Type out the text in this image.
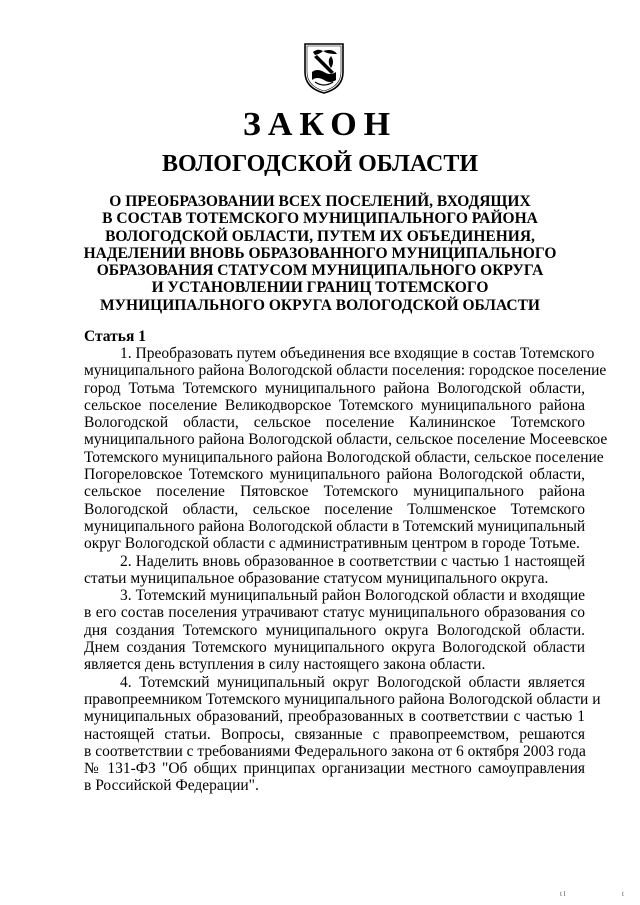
ЗАКОН
ВОЛОГОДСКОЙ ОБЛАСТИ
О ПРЕОБРАЗОВАНИИ ВСЕХ ПОСЕЛЕНИЙ, ВХОДЯЩИХ
В СОСТАВ ТОТЕМСКОГО МУНИЦИПАЛЬНОГО РАЙОНА
ВОЛОГОДСКОЙ ОБЛАСТИ, ПУТЕМ ИХ ОБЪЕДИНЕНИЯ,
НАДЕЛЕНИИ ВНОВЬ ОБРАЗОВАННОГО МУНИЦИПАЛЬНОГО
ОБРАЗОВАНИЯ СТАТУСОМ МУНИЦИПАЛЬНОГО ОКРУГА
И УСТАНОВЛЕНИИ ГРАНИЦ ТОТЕМСКОГО
МУНИЦИПАЛЬНОГО ОКРУГА ВОЛОГОДСКОЙ ОБЛАСТИ
Статья 1
1. Преобразовать путем объединения все входящие в состав Тотемского
муниципального района Вологодской области поселения: городское поселение
город Тотьма Тотемского муниципального района Вологодской области,
сельское поселение Великодворское Тотемского муниципального района
Вологодской области, сельское поселение Калининское Тотемского
муниципального района Вологодской области, сельское поселение Мосеевское
Тотемского муниципального района Вологодской области, сельское поселение
Погореловское Тотемского муниципального района Вологодской области,
сельское поселение Пятовское Тотемского муниципального района
Вологодской области, сельское поселение Толшменское Тотемского
муниципального района Вологодской области в Тотемский муниципальный
округ Вологодской области с административным центром в городе Тотьме.
2. Наделить вновь образованное в соответствии с частью 1 настоящей
статьи муниципальное образование статусом муниципального округа.
3. Тотемский муниципальный район Вологодской области и входящие
в его состав поселения утрачивают статус муниципального образования со
дня создания Тотемского муниципального округа Вологодской области.
Днем создания Тотемского муниципального округа Вологодской области
является день вступления в силу настоящего закона области.
4. Тотемский муниципальный округ Вологодской области является
правопреемником Тотемского муниципального района Вологодской области и
муниципальных образований, преобразованных в соответствии с частью 1
настоящей статьи. Вопросы, связанные с правопреемством, решаются
в соответствии с требованиями Федерального закона от 6 октября 2003 года
№ 131-ФЗ "Об общих принципах организации местного самоуправления
в Российской Федерации".
t l	t
